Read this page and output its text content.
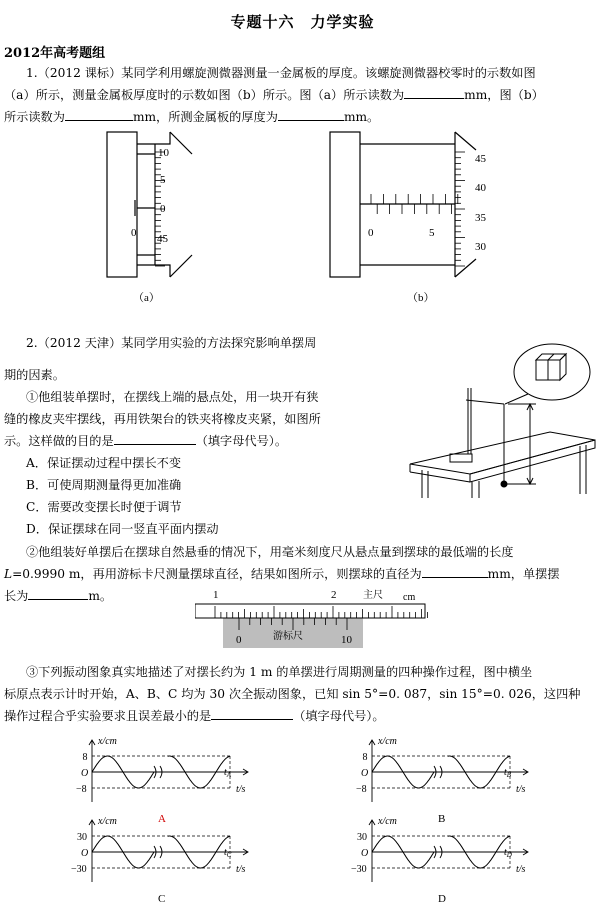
专题十六　力学实验
2012年高考题组
1.（2012 课标）某同学利用螺旋测微器测量一金属板的厚度。该螺旋测微器校零时的示数如图
（a）所示，测量金属板厚度时的示数如图（b）所示。图（a）所示读数为	mm，图（b）
所示读数为	mm，所测金属板的厚度为	mm。
10
5
0
45
0
（a）
45
40
35
30
0	5
（b）
2.（2012 天津）某同学用实验的方法探究影响单摆周
期的因素。
①他组装单摆时，在摆线上端的悬点处，用一块开有狭
缝的橡皮夹牢摆线，再用铁架台的铁夹将橡皮夹紧，如图所
示。这样做的目的是	（填字母代号）。
A．保证摆动过程中摆长不变
B．可使周期测量得更加准确
C．需要改变摆长时便于调节
D．保证摆球在同一竖直平面内摆动
②他组装好单摆后在摆球自然悬垂的情况下，用毫米刻度尺从悬点量到摆球的最低端的长度
L=0.9990 m，再用游标卡尺测量摆球直径，结果如图所示，则摆球的直径为	mm，单摆摆
长为	m。	1	2	主尺 cm
0	10
游标尺
③下列振动图象真实地描述了对摆长约为 1 m 的单摆进行周期测量的四种操作过程，图中横坐
标原点表示计时开始，A、B、C 均为 30 次全振动图象，已知 sin 5°=0. 087，sin 15°=0. 026，这四种
操作过程合乎实验要求且误差最小的是	（填字母代号）。
8
−8
O
x/cm
t/s
$t_A$
A
8
−8
O
x/cm
t/s
$t_B$
B
30
−30
O
x/cm
t/s
$t_C$
C
30
−30
O
x/cm
t/s
$t_D$
D
